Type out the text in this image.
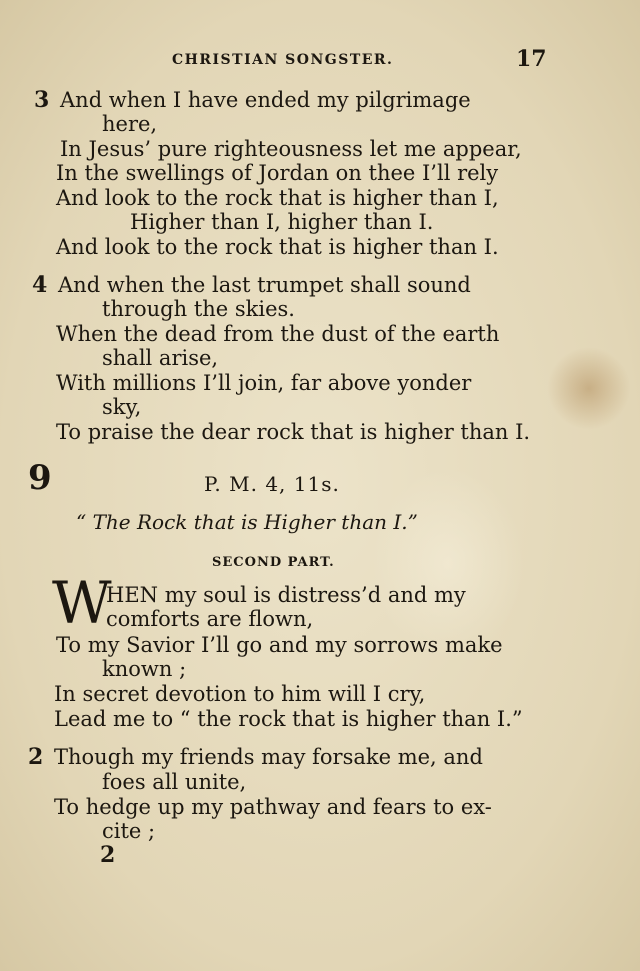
CHRISTIAN SONGSTER.	17
3 And when I have ended my pilgrimage
here,
In Jesus’ pure righteousness let me appear,
In the swellings of Jordan on thee I’ll rely
And look to the rock that is higher than I,
Higher than I, higher than I.
And look to the rock that is higher than I.
4 And when the last trumpet shall sound
through the skies.
When the dead from the dust of the earth
shall arise,
With millions I’ll join, far above yonder
sky,
To praise the dear rock that is higher than I.
9	P. M. 4, 11s.
“ The Rock that is Higher than I.”
SECOND PART.
W
HEN my soul is distress’d and my
comforts are flown,
To my Savior I’ll go and my sorrows make
known ;
In secret devotion to him will I cry,
Lead me to “ the rock that is higher than I.”
2 Though my friends may forsake me, and
foes all unite,
To hedge up my pathway and fears to ex-
cite ;
2
